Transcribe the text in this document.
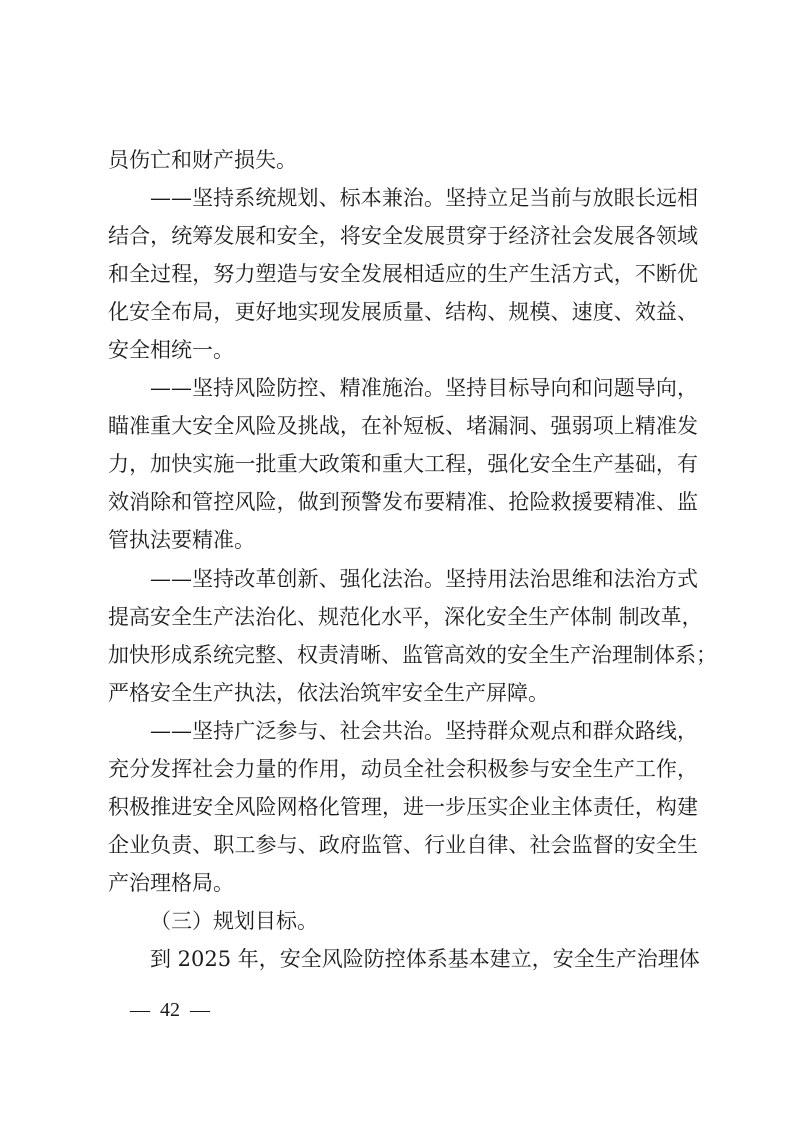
员伤亡和财产损失。
——坚持系统规划、标本兼治。坚持立足当前与放眼长远相
结合，统筹发展和安全，将安全发展贯穿于经济社会发展各领域
和全过程，努力塑造与安全发展相适应的生产生活方式，不断优
化安全布局，更好地实现发展质量、结构、规模、速度、效益、
安全相统一。
——坚持风险防控、精准施治。坚持目标导向和问题导向，
瞄准重大安全风险及挑战，在补短板、堵漏洞、强弱项上精准发
力，加快实施一批重大政策和重大工程，强化安全生产基础，有
效消除和管控风险，做到预警发布要精准、抢险救援要精准、监
管执法要精准。
——坚持改革创新、强化法治。坚持用法治思维和法治方式
提高安全生产法治化、规范化水平，深化安全生产体制 制改革，
加快形成系统完整、权责清晰、监管高效的安全生产治理制体系；
严格安全生产执法，依法治筑牢安全生产屏障。
——坚持广泛参与、社会共治。坚持群众观点和群众路线，
充分发挥社会力量的作用，动员全社会积极参与安全生产工作，
积极推进安全风险网格化管理，进一步压实企业主体责任，构建
企业负责、职工参与、政府监管、行业自律、社会监督的安全生
产治理格局。
（三）规划目标。
到 2025 年，安全风险防控体系基本建立，安全生产治理体
—  42  —
